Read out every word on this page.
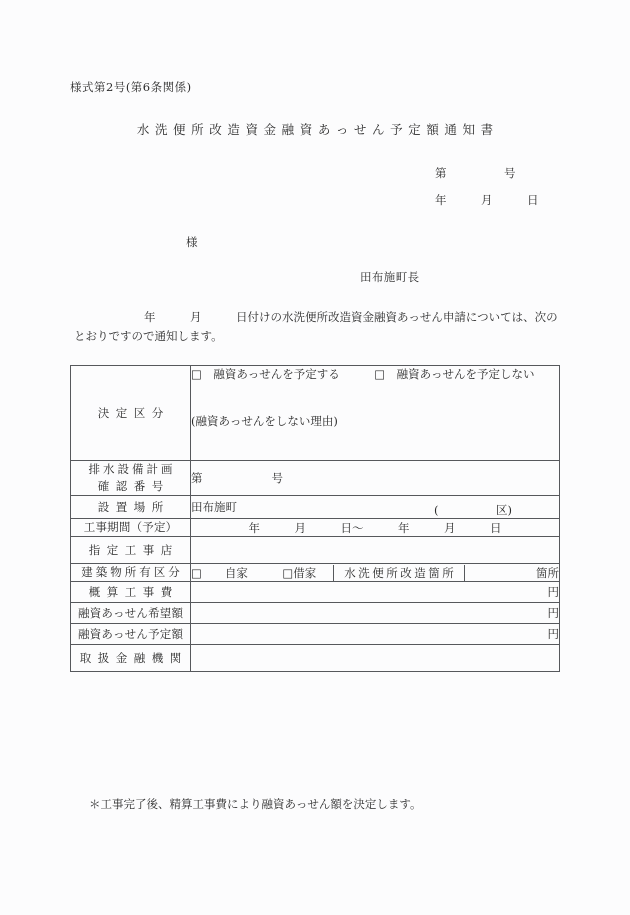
様式第2号(第6条関係)
水洗便所改造資金融資あっせん予定額通知書
第　　　　　号
年　　　月　　　日
様
田布施町長
年　　　月　　　日付けの水洗便所改造資金融資あっせん申請については、次のとおりですので通知します。
決定区分

□　融資あっせんを予定する　　　	□　融資あっせんを予定しない
(融資あっせんをしない理由)

排水設備計画
確認番号
	第　　　　　　号

設置場所	田布施町	(　　　　　区)

工事期間（予定）	年　　　月　　　日〜　　　年　　　月　　　日

指定工事店

建築物所有区分
	□　　自家　　　	□借家	水洗便所改造箇所	箇所

概算工事費	円

融資あっせん希望額	円

融資あっせん予定額	円

取扱金融機関

＊工事完了後、精算工事費により融資あっせん額を決定します。
